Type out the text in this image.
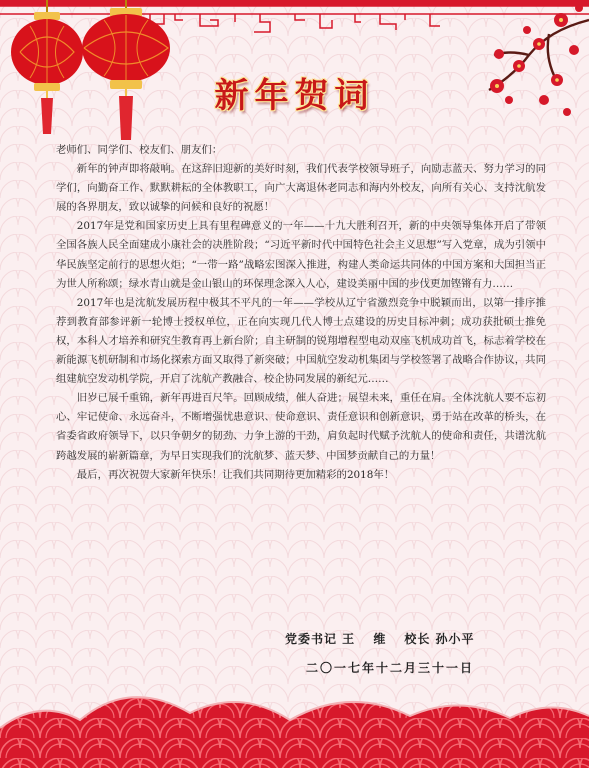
新年贺词

老师们、同学们、校友们、朋友们：

新年的钟声即将敲响。在这辞旧迎新的美好时刻，我们代表学校领导班子，向励志蓝天、努力学习的同学们，向勤奋工作、默默耕耘的全体教职工，向广大离退休老同志和海内外校友，向所有关心、支持沈航发展的各界朋友，致以诚挚的问候和良好的祝愿！

2017年是党和国家历史上具有里程碑意义的一年——十九大胜利召开，新的中央领导集体开启了带领全国各族人民全面建成小康社会的决胜阶段；“习近平新时代中国特色社会主义思想”写入党章，成为引领中华民族坚定前行的思想火炬；“一带一路”战略宏图深入推进，构建人类命运共同体的中国方案和大国担当正为世人所称颂；绿水青山就是金山银山的环保理念深入人心，建设美丽中国的步伐更加铿锵有力……

2017年也是沈航发展历程中极其不平凡的一年——学校从辽宁省激烈竞争中脱颖而出，以第一排序推荐到教育部参评新一轮博士授权单位，正在向实现几代人博士点建设的历史目标冲刺；成功获批硕士推免权，本科人才培养和研究生教育再上新台阶；自主研制的锐翔增程型电动双座飞机成功首飞，标志着学校在新能源飞机研制和市场化探索方面又取得了新突破；中国航空发动机集团与学校签署了战略合作协议，共同组建航空发动机学院，开启了沈航产教融合、校企协同发展的新纪元……

旧岁已展千重锦，新年再进百尺竿。回顾成绩，催人奋进；展望未来，重任在肩。全体沈航人要不忘初心、牢记使命、永远奋斗，不断增强忧患意识、使命意识、责任意识和创新意识，勇于站在改革的桥头，在省委省政府领导下，以只争朝夕的韧劲、力争上游的干劲，肩负起时代赋予沈航人的使命和责任，共谱沈航跨越发展的崭新篇章，为早日实现我们的沈航梦、蓝天梦、中国梦贡献自己的力量！

最后，再次祝贺大家新年快乐！让我们共同期待更加精彩的2018年！

党委书记 王　 维 校长 孙小平
二〇一七年十二月三十一日
